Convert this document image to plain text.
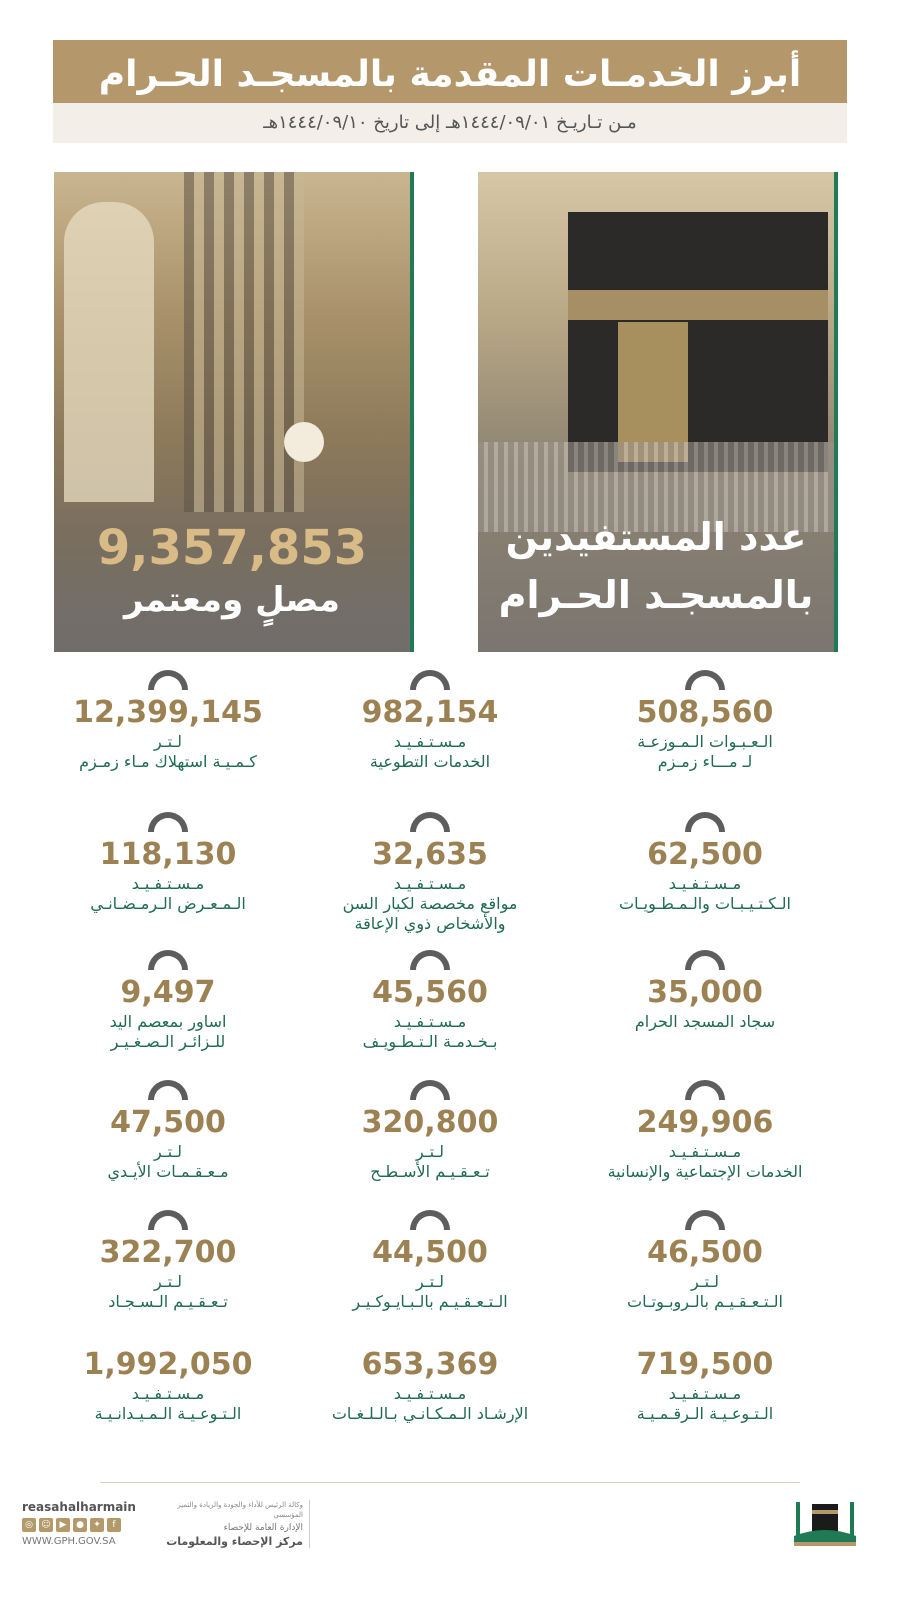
أبرز الخدمـات المقدمة بالمسجـد الحـرام
مـن تـاريـخ ١٤٤٤/٠٩/٠١هـ إلى تاريخ ١٤٤٤/٠٩/١٠هـ
9,357,853
مصلٍ ومعتمر
عدد المستفيدين
بالمسجـد الحـرام
508,560
الـعـبـوات الـمـوزعـة
لـ مـــاء زمـزم
982,154
مـسـتـفـيـد
الخدمات التطوعية
12,399,145
لـتـر
كـمـيـة استهلاك مـاء زمـزم
62,500
مـسـتـفـيـد
الـكـتـيـبـات والـمـطـويـات
32,635
مـسـتـفـيـد
مواقع مخصصة لكبار السن
والأشخاص ذوي الإعاقة
118,130
مـسـتـفـيـد
الـمـعـرض الـرمـضـانـي
35,000
سجاد المسجد الحرام
45,560
مـسـتـفـيـد
بـخـدمـة الـتـطـويـف
9,497
اساور بمعصم اليد
للـزائـر الـصـغـيـر
249,906
مـسـتـفـيـد
الخدمات الإجتماعية والإنسانية
320,800
لـتـر
تـعـقـيـم الأسـطـح
47,500
لـتـر
مـعـقـمـات الأيـدي
46,500
لـتـر
الـتـعـقـيـم بالـروبـوتـات
44,500
لـتـر
الـتـعـقـيـم بالـبـايـوكـيـر
322,700
لـتـر
تـعـقـيـم الـسـجـاد
719,500
مـسـتـفـيـد
الـتـوعـيـة الـرقـمـيـة
653,369
مـسـتـفـيـد
الإرشـاد الـمـكـانـي بـالـلـغـات
1,992,050
مـسـتـفـيـد
الـتـوعـيـة الـمـيـدانـيـة
reasahalharmain
◎ ☺ ▶	●	✦	f
WWW.GPH.GOV.SA
وكالة الرئيس للأداء والجودة والريادة والتميز المؤسسي
الإدارة العامة للإحصاء
مركز الإحصاء والمعلومات
